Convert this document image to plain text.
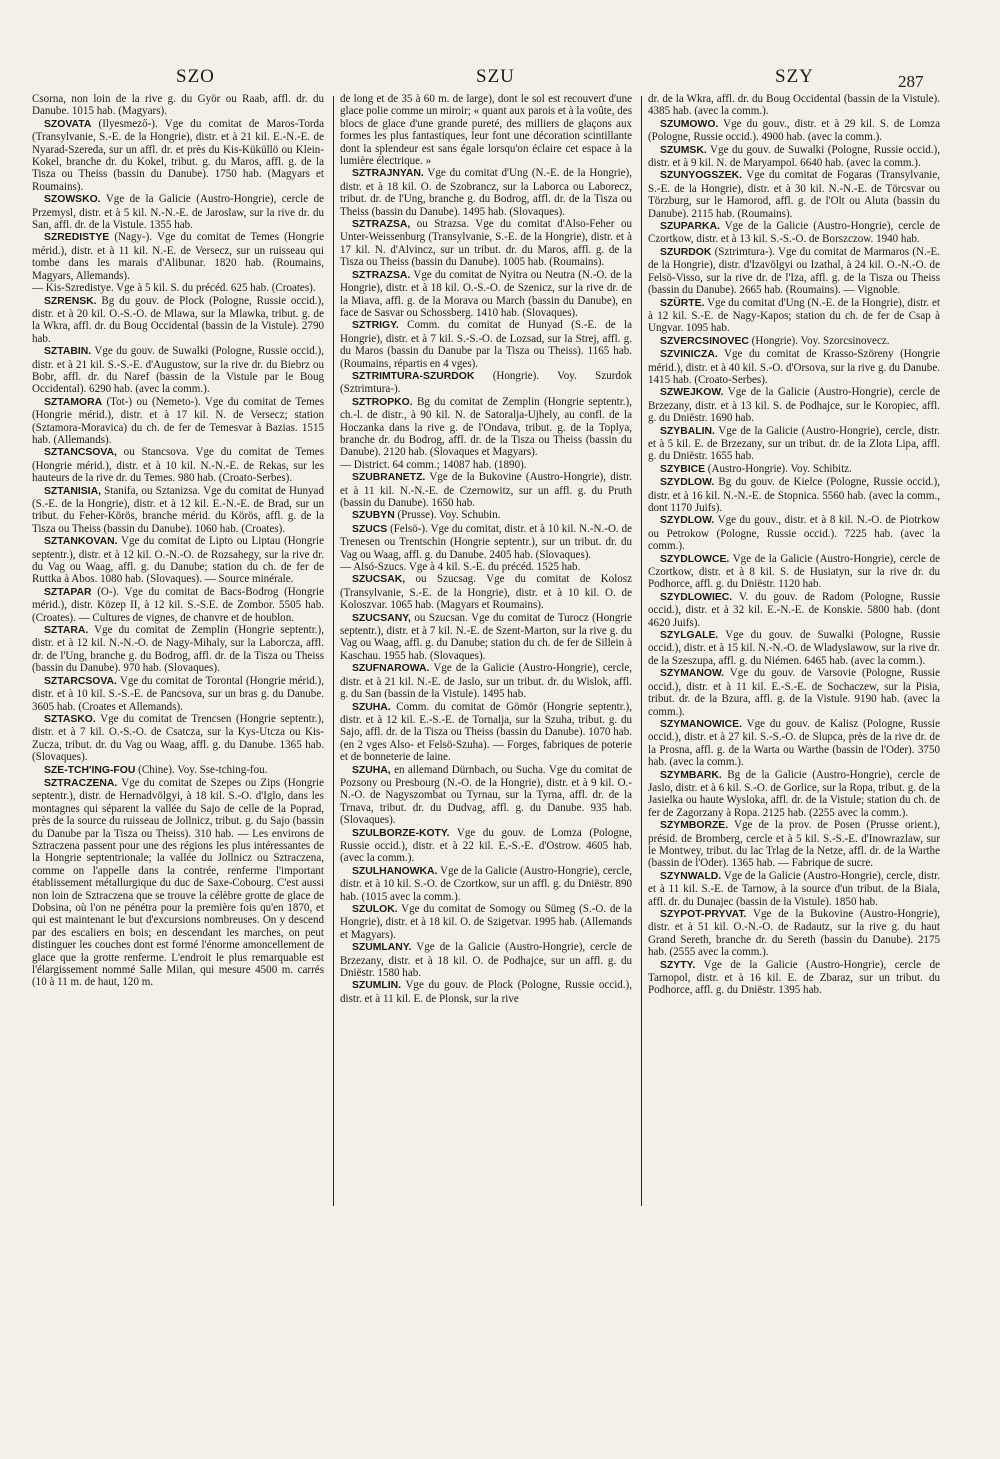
SZO	SZU	SZY	287

Csorna, non loin de la rive g. du Györ ou Raab, affl. dr. du Danube. 1015 hab. (Magyars).

SZOVATA (Ilyesmező-). Vge du comitat de Maros-Torda (Transylvanie, S.-E. de la Hongrie), distr. et à 21 kil. E.-N.-E. de Nyarad-Szereda, sur un affl. dr. et près du Kis-Küküllö ou Klein-Kokel, branche dr. du Kokel, tribut. g. du Maros, affl. g. de la Tisza ou Theiss (bassin du Danube). 1750 hab. (Magyars et Roumains).

SZOWSKO. Vge de la Galicie (Austro-Hongrie), cercle de Przemysl, distr. et à 5 kil. N.-N.-E. de Jaroslaw, sur la rive dr. du San, affl. dr. de la Vistule. 1355 hab.

SZREDISTYE (Nagy-). Vge du comitat de Temes (Hongrie mérid.), distr. et à 11 kil. N.-E. de Versecz, sur un ruisseau qui tombe dans les marais d'Alibunar. 1820 hab. (Roumains, Magyars, Allemands).

— Kis-Szredistye. Vge à 5 kil. S. du précéd. 625 hab. (Croates).

SZRENSK. Bg du gouv. de Plock (Pologne, Russie occid.), distr. et à 20 kil. O.-S.-O. de Mlawa, sur la Mlawka, tribut. g. de la Wkra, affl. dr. du Boug Occidental (bassin de la Vistule). 2790 hab.

SZTABIN. Vge du gouv. de Suwalki (Pologne, Russie occid.), distr. et à 21 kil. S.-S.-E. d'Augustow, sur la rive dr. du Biebrz ou Bobr, affl. dr. du Naref (bassin de la Vistule par le Boug Occidental). 6290 hab. (avec la comm.).

SZTAMORA (Tot-) ou (Nemeto-). Vge du comitat de Temes (Hongrie mérid.), distr. et à 17 kil. N. de Versecz; station (Sztamora-Moravica) du ch. de fer de Temesvar à Bazias. 1515 hab. (Allemands).

SZTANCSOVA, ou Stancsova. Vge du comitat de Temes (Hongrie mérid.), distr. et à 10 kil. N.-N.-E. de Rekas, sur les hauteurs de la rive dr. du Temes. 980 hab. (Croato-Serbes).

SZTANISIA, Stanifa, ou Sztanizsa. Vge du comitat de Hunyad (S.-E. de la Hongrie), distr. et à 12 kil. E.-N.-E. de Brad, sur un tribut. du Feher-Körös, branche mérid. du Körös, affl. g. de la Tisza ou Theiss (bassin du Danube). 1060 hab. (Croates).

SZTANKOVAN. Vge du comitat de Lipto ou Liptau (Hongrie septentr.), distr. et à 12 kil. O.-N.-O. de Rozsahegy, sur la rive dr. du Vag ou Waag, affl. g. du Danube; station du ch. de fer de Ruttka à Abos. 1080 hab. (Slovaques). — Source minérale.

SZTAPAR (O-). Vge du comitat de Bacs-Bodrog (Hongrie mérid.), distr. Közep II, à 12 kil. S.-S.E. de Zombor. 5505 hab. (Croates). — Cultures de vignes, de chanvre et de houblon.

SZTARA. Vge du comitat de Zemplin (Hongrie septentr.), distr. et à 12 kil. N.-N.-O. de Nagy-Mihaly, sur la Laborcza, affl. dr. de l'Ung, branche g. du Bodrog, affl. dr. de la Tisza ou Theiss (bassin du Danube). 970 hab. (Slovaques).

SZTARCSOVA. Vge du comitat de Torontal (Hongrie mérid.), distr. et à 10 kil. S.-S.-E. de Pancsova, sur un bras g. du Danube. 3605 hab. (Croates et Allemands).

SZTASKO. Vge du comitat de Trencsen (Hongrie septentr.), distr. et à 7 kil. O.-S.-O. de Csatcza, sur la Kys-Utcza ou Kis-Zucza, tribut. dr. du Vag ou Waag, affl. g. du Danube. 1365 hab. (Slovaques).

SZE-TCH'ING-FOU (Chine). Voy. Sse-tching-fou.

SZTRACZENA. Vge du comitat de Szepes ou Zips (Hongrie septentr.), distr. de Hernadvölgyi, à 18 kil. S.-O. d'Iglo, dans les montagnes qui séparent la vallée du Sajo de celle de la Poprad, près de la source du ruisseau de Jollnicz, tribut. g. du Sajo (bassin du Danube par la Tisza ou Theiss). 310 hab. — Les environs de Sztraczena passent pour une des régions les plus intéressantes de la Hongrie septentrionale; la vallée du Jollnicz ou Sztraczena, comme on l'appelle dans la contrée, renferme l'important établissement métallurgique du duc de Saxe-Cobourg. C'est aussi non loin de Sztraczena que se trouve la célèbre grotte de glace de Dobsina, où l'on ne pénétra pour la première fois qu'en 1870, et qui est maintenant le but d'excursions nombreuses. On y descend par des escaliers en bois; en descendant les marches, on peut distinguer les couches dont est formé l'énorme amoncellement de glace que la grotte renferme. L'endroit le plus remarquable est l'élargissement nommé Salle Milan, qui mesure 4500 m. carrés (10 à 11 m. de haut, 120 m.

de long et de 35 à 60 m. de large), dont le sol est recouvert d'une glace polie comme un miroir; « quant aux parois et à la voûte, des blocs de glace d'une grande pureté, des milliers de glaçons aux formes les plus fantastiques, leur font une décoration scintillante dont la splendeur est sans égale lorsqu'on éclaire cet espace à la lumière électrique. »

SZTRAJNYAN. Vge du comitat d'Ung (N.-E. de la Hongrie), distr. et à 18 kil. O. de Szobrancz, sur la Laborca ou Laborecz, tribut. dr. de l'Ung, branche g. du Bodrog, affl. dr. de la Tisza ou Theiss (bassin du Danube). 1495 hab. (Slovaques).

SZTRAZSA, ou Strazsa. Vge du comitat d'Also-Feher ou Unter-Weissenburg (Transylvanie, S.-E. de la Hongrie), distr. et à 17 kil. N. d'Alvincz, sur un tribut. dr. du Maros, affl. g. de la Tisza ou Theiss (bassin du Danube). 1005 hab. (Roumains).

SZTRAZSA. Vge du comitat de Nyitra ou Neutra (N.-O. de la Hongrie), distr. et à 18 kil. O.-S.-O. de Szenicz, sur la rive dr. de la Miava, affl. g. de la Morava ou March (bassin du Danube), en face de Sasvar ou Schossberg. 1410 hab. (Slovaques).

SZTRIGY. Comm. du comitat de Hunyad (S.-E. de la Hongrie), distr. et à 7 kil. S.-S.-O. de Lozsad, sur la Strej, affl. g. du Maros (bassin du Danube par la Tisza ou Theiss). 1165 hab. (Roumains, répartis en 4 vges).

SZTRIMTURA-SZURDOK (Hongrie). Voy. Szurdok (Sztrimtura-).

SZTROPKO. Bg du comitat de Zemplin (Hongrie septentr.), ch.-l. de distr., à 90 kil. N. de Satoralja-Ujhely, au confl. de la Hoczanka dans la rive g. de l'Ondava, tribut. g. de la Toplya, branche dr. du Bodrog, affl. dr. de la Tisza ou Theiss (bassin du Danube). 2120 hab. (Slovaques et Magyars).

— District. 64 comm.; 14087 hab. (1890).

SZUBRANETZ. Vge de la Bukovine (Austro-Hongrie), distr. et à 11 kil. N.-N.-E. de Czernowitz, sur un affl. g. du Pruth (bassin du Danube). 1650 hab.

SZUBYN (Prusse). Voy. Schubin.

SZUCS (Felsö-). Vge du comitat, distr. et à 10 kil. N.-N.-O. de Trenesen ou Trentschin (Hongrie septentr.), sur un tribut. dr. du Vag ou Waag, affl. g. du Danube. 2405 hab. (Slovaques).

— Alsó-Szucs. Vge à 4 kil. S.-E. du précéd. 1525 hab.

SZUCSAK, ou Szucsag. Vge du comitat de Kolosz (Transylvanie, S.-E. de la Hongrie), distr. et à 10 kil. O. de Koloszvar. 1065 hab. (Magyars et Roumains).

SZUCSANY, ou Szucsan. Vge du comitat de Turocz (Hongrie septentr.), distr. et à 7 kil. N.-E. de Szent-Marton, sur la rive g. du Vag ou Waag, affl. g. du Danube; station du ch. de fer de Sillein à Kaschau. 1955 hab. (Slovaques).

SZUFNAROWA. Vge de la Galicie (Austro-Hongrie), cercle, distr. et à 21 kil. N.-E. de Jaslo, sur un tribut. dr. du Wislok, affl. g. du San (bassin de la Vistule). 1495 hab.

SZUHA. Comm. du comitat de Gömör (Hongrie septentr.), distr. et à 12 kil. E.-S.-E. de Tornalja, sur la Szuha, tribut. g. du Sajo, affl. dr. de la Tisza ou Theiss (bassin du Danube). 1070 hab. (en 2 vges Also- et Felsö-Szuha). — Forges, fabriques de poterie et de bonneterie de laine.

SZUHA, en allemand Dürnbach, ou Sucha. Vge du comitat de Pozsony ou Presbourg (N.-O. de la Hongrie), distr. et à 9 kil. O.-N.-O. de Nagyszombat ou Tyrnau, sur la Tyrna, affl. dr. de la Trnava, tribut. dr. du Dudvag, affl. g. du Danube. 935 hab. (Slovaques).

SZULBORZE-KOTY. Vge du gouv. de Lomza (Pologne, Russie occid.), distr. et à 22 kil. E.-S.-E. d'Ostrow. 4605 hab. (avec la comm.).

SZULHANOWKA. Vge de la Galicie (Austro-Hongrie), cercle, distr. et à 10 kil. S.-O. de Czortkow, sur un affl. g. du Dniëstr. 890 hab. (1015 avec la comm.).

SZULOK. Vge du comitat de Somogy ou Sümeg (S.-O. de la Hongrie), distr. et à 18 kil. O. de Szigetvar. 1995 hab. (Allemands et Magyars).

SZUMLANY. Vge de la Galicie (Austro-Hongrie), cercle de Brzezany, distr. et à 18 kil. O. de Podhajce, sur un affl. g. du Dniëstr. 1580 hab.

SZUMLIN. Vge du gouv. de Plock (Pologne, Russie occid.), distr. et à 11 kil. E. de Plonsk, sur la rive

dr. de la Wkra, affl. dr. du Boug Occidental (bassin de la Vistule). 4385 hab. (avec la comm.).

SZUMOWO. Vge du gouv., distr. et à 29 kil. S. de Lomza (Pologne, Russie occid.). 4900 hab. (avec la comm.).

SZUMSK. Vge du gouv. de Suwalki (Pologne, Russie occid.), distr. et à 9 kil. N. de Maryampol. 6640 hab. (avec la comm.).

SZUNYOGSZEK. Vge du comitat de Fogaras (Transylvanie, S.-E. de la Hongrie), distr. et à 30 kil. N.-N.-E. de Törcsvar ou Törzburg, sur le Hamorod, affl. g. de l'Olt ou Aluta (bassin du Danube). 2115 hab. (Roumains).

SZUPARKA. Vge de la Galicie (Austro-Hongrie), cercle de Czortkow, distr. et à 13 kil. S.-S.-O. de Borszczow. 1940 hab.

SZURDOK (Sztrimtura-). Vge du comitat de Marmaros (N.-E. de la Hongrie), distr. d'Izavölgyi ou Izathal, à 24 kil. O.-N.-O. de Felsö-Visso, sur la rive dr. de l'Iza, affl. g. de la Tisza ou Theiss (bassin du Danube). 2665 hab. (Roumains). — Vignoble.

SZÜRTE. Vge du comitat d'Ung (N.-E. de la Hongrie), distr. et à 12 kil. S.-E. de Nagy-Kapos; station du ch. de fer de Csap à Ungvar. 1095 hab.

SZVERCSINOVEC (Hongrie). Voy. Szorcsinovecz.

SZVINICZA. Vge du comitat de Krasso-Szöreny (Hongrie mérid.), distr. et à 40 kil. S.-O. d'Orsova, sur la rive g. du Danube. 1415 hab. (Croato-Serbes).

SZWEJKOW. Vge de la Galicie (Austro-Hongrie), cercle de Brzezany, distr. et à 13 kil. S. de Podhajce, sur le Koropiec, affl. g. du Dniëstr. 1690 hab.

SZYBALIN. Vge de la Galicie (Austro-Hongrie), cercle, distr. et à 5 kil. E. de Brzezany, sur un tribut. dr. de la Zlota Lipa, affl. g. du Dniëstr. 1655 hab.

SZYBICE (Austro-Hongrie). Voy. Schibitz.

SZYDLOW. Bg du gouv. de Kielce (Pologne, Russie occid.), distr. et à 16 kil. N.-N.-E. de Stopnica. 5560 hab. (avec la comm., dont 1170 Juifs).

SZYDLOW. Vge du gouv., distr. et à 8 kil. N.-O. de Piotrkow ou Petrokow (Pologne, Russie occid.). 7225 hab. (avec la comm.).

SZYDLOWCE. Vge de la Galicie (Austro-Hongrie), cercle de Czortkow, distr. et à 8 kil. S. de Husiatyn, sur la rive dr. du Podhorce, affl. g. du Dniëstr. 1120 hab.

SZYDLOWIEC. V. du gouv. de Radom (Pologne, Russie occid.), distr. et à 32 kil. E.-N.-E. de Konskie. 5800 hab. (dont 4620 Juifs).

SZYLGALE. Vge du gouv. de Suwalki (Pologne, Russie occid.), distr. et à 15 kil. N.-N.-O. de Wladyslawow, sur la rive dr. de la Szeszupa, affl. g. du Niémen. 6465 hab. (avec la comm.).

SZYMANOW. Vge du gouv. de Varsovie (Pologne, Russie occid.), distr. et à 11 kil. E.-S.-E. de Sochaczew, sur la Pisia, tribut. dr. de la Bzura, affl. g. de la Vistule. 9190 hab. (avec la comm.).

SZYMANOWICE. Vge du gouv. de Kalisz (Pologne, Russie occid.), distr. et à 27 kil. S.-S.-O. de Slupca, près de la rive dr. de la Prosna, affl. g. de la Warta ou Warthe (bassin de l'Oder). 3750 hab. (avec la comm.).

SZYMBARK. Bg de la Galicie (Austro-Hongrie), cercle de Jaslo, distr. et à 6 kil. S.-O. de Gorlice, sur la Ropa, tribut. g. de la Jasielka ou haute Wysloka, affl. dr. de la Vistule; station du ch. de fer de Zagorzany à Ropa. 2125 hab. (2255 avec la comm.).

SZYMBORZE. Vge de la prov. de Posen (Prusse orient.), présid. de Bromberg, cercle et à 5 kil. S.-S.-E. d'Inowrazlaw, sur le Montwey, tribut. du lac Trlag de la Netze, affl. dr. de la Warthe (bassin de l'Oder). 1365 hab. — Fabrique de sucre.

SZYNWALD. Vge de la Galicie (Austro-Hongrie), cercle, distr. et à 11 kil. S.-E. de Tarnow, à la source d'un tribut. de la Biala, affl. dr. du Dunajec (bassin de la Vistule). 1850 hab.

SZYPOT-PRYVAT. Vge de la Bukovine (Austro-Hongrie), distr. et à 51 kil. O.-N.-O. de Radautz, sur la rive g. du haut Grand Sereth, branche dr. du Sereth (bassin du Danube). 2175 hab. (2555 avec la comm.).

SZYTY. Vge de la Galicie (Austro-Hongrie), cercle de Tarnopol, distr. et à 16 kil. E. de Zbaraz, sur un tribut. du Podhorce, affl. g. du Dniëstr. 1395 hab.
